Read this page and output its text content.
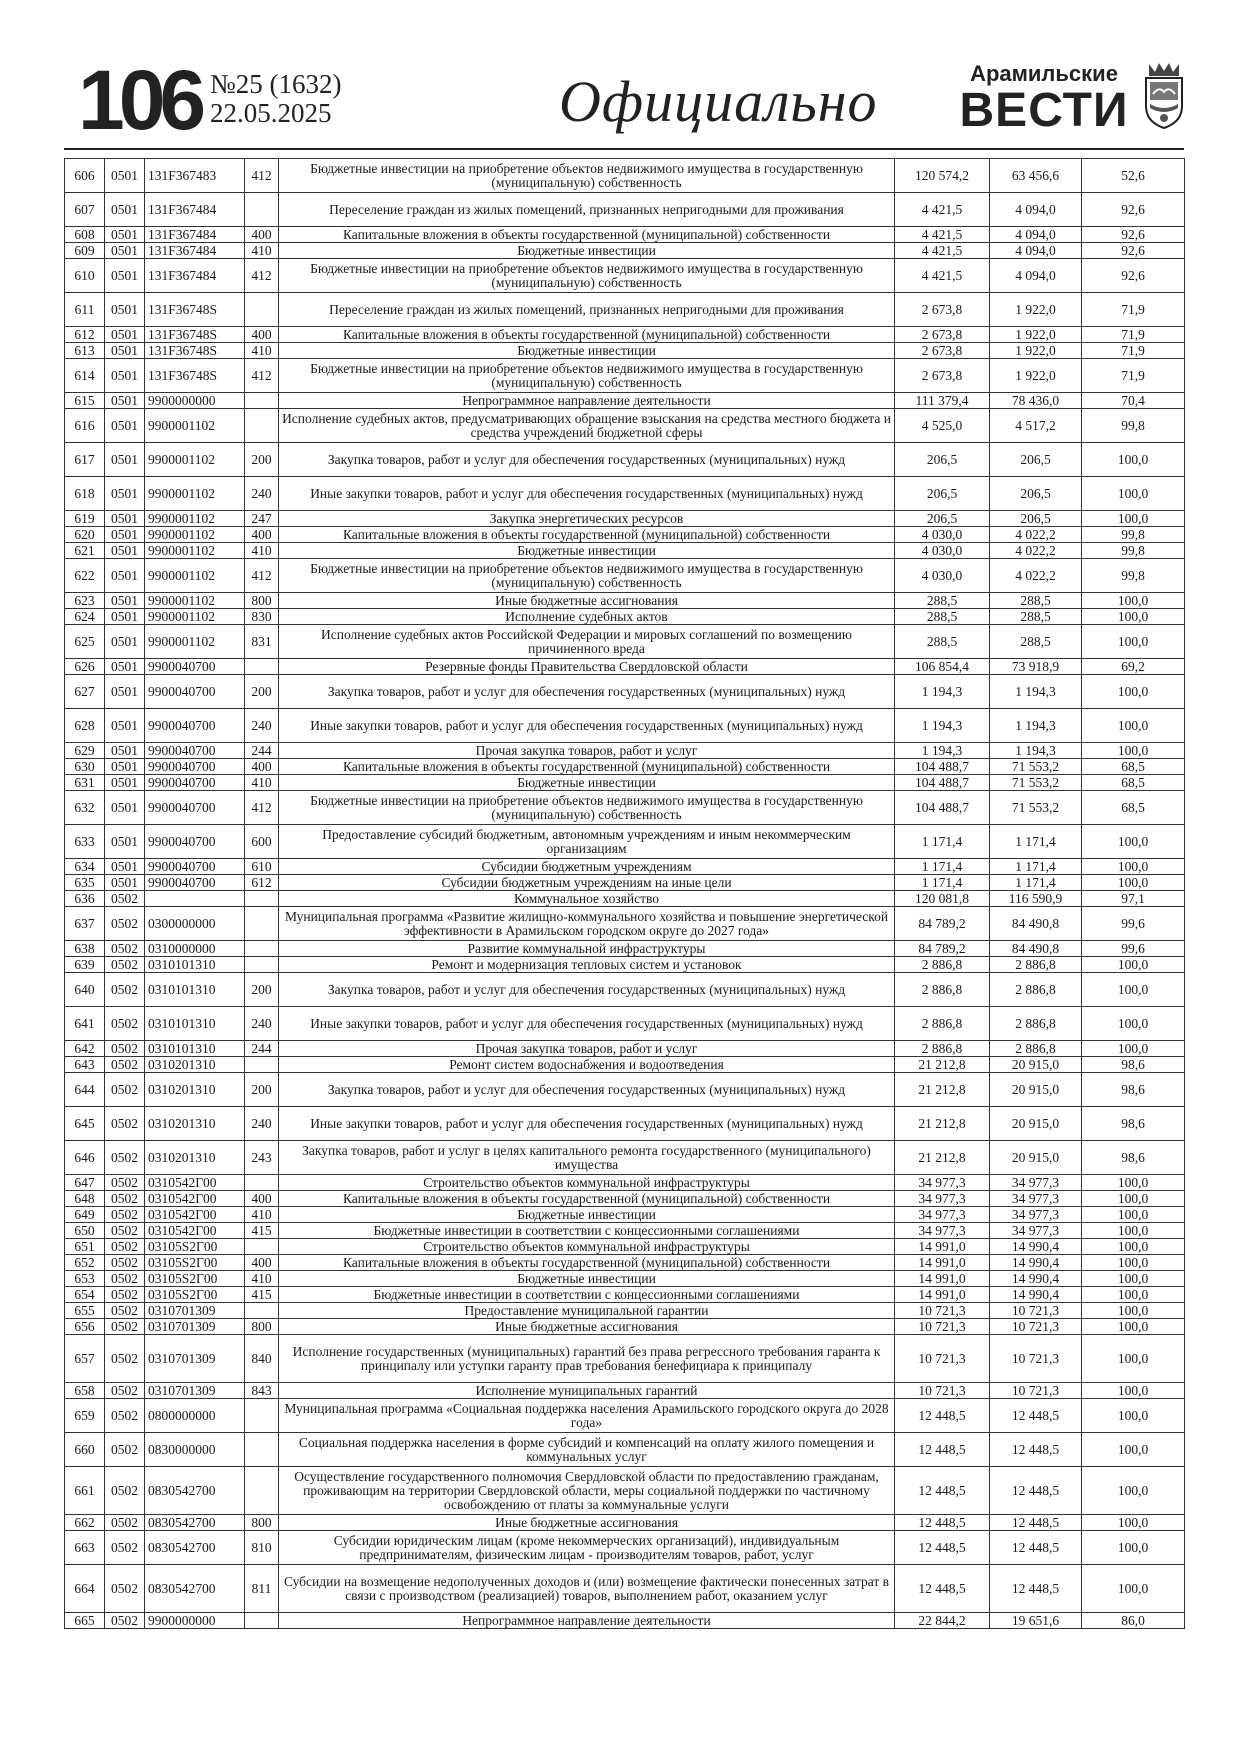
106 №25 (1632)
22.05.2025	Официально	Арамильские
ВЕСТИ
606	0501	131F367483	412	Бюджетные инвестиции на приобретение объектов недвижимого имущества в государственную (муниципальную) собственность	120 574,2	63 456,6	52,6
607	0501	131F367484		Переселение граждан из жилых помещений, признанных непригодными для проживания	4 421,5	4 094,0	92,6
608	0501	131F367484	400	Капитальные вложения в объекты государственной (муниципальной) собственности	4 421,5	4 094,0	92,6
609	0501	131F367484	410	Бюджетные инвестиции	4 421,5	4 094,0	92,6
610	0501	131F367484	412	Бюджетные инвестиции на приобретение объектов недвижимого имущества в государственную (муниципальную) собственность	4 421,5	4 094,0	92,6
611	0501	131F36748S		Переселение граждан из жилых помещений, признанных непригодными для проживания	2 673,8	1 922,0	71,9
612	0501	131F36748S	400	Капитальные вложения в объекты государственной (муниципальной) собственности	2 673,8	1 922,0	71,9
613	0501	131F36748S	410	Бюджетные инвестиции	2 673,8	1 922,0	71,9
614	0501	131F36748S	412	Бюджетные инвестиции на приобретение объектов недвижимого имущества в государственную (муниципальную) собственность	2 673,8	1 922,0	71,9
615	0501	9900000000		Непрограммное направление деятельности	111 379,4	78 436,0	70,4
616	0501	9900001102		Исполнение судебных актов, предусматривающих обращение взыскания на средства местного бюджета и средства учреждений бюджетной сферы	4 525,0	4 517,2	99,8
617	0501	9900001102	200	Закупка товаров, работ и услуг для обеспечения государственных (муниципальных) нужд	206,5	206,5	100,0
618	0501	9900001102	240	Иные закупки товаров, работ и услуг для обеспечения государственных (муниципальных) нужд	206,5	206,5	100,0
619	0501	9900001102	247	Закупка энергетических ресурсов	206,5	206,5	100,0
620	0501	9900001102	400	Капитальные вложения в объекты государственной (муниципальной) собственности	4 030,0	4 022,2	99,8
621	0501	9900001102	410	Бюджетные инвестиции	4 030,0	4 022,2	99,8
622	0501	9900001102	412	Бюджетные инвестиции на приобретение объектов недвижимого имущества в государственную (муниципальную) собственность	4 030,0	4 022,2	99,8
623	0501	9900001102	800	Иные бюджетные ассигнования	288,5	288,5	100,0
624	0501	9900001102	830	Исполнение судебных актов	288,5	288,5	100,0
625	0501	9900001102	831	Исполнение судебных актов Российской Федерации и мировых соглашений по возмещению причиненного вреда	288,5	288,5	100,0
626	0501	9900040700		Резервные фонды Правительства Свердловской области	106 854,4	73 918,9	69,2
627	0501	9900040700	200	Закупка товаров, работ и услуг для обеспечения государственных (муниципальных) нужд	1 194,3	1 194,3	100,0
628	0501	9900040700	240	Иные закупки товаров, работ и услуг для обеспечения государственных (муниципальных) нужд	1 194,3	1 194,3	100,0
629	0501	9900040700	244	Прочая закупка товаров, работ и услуг	1 194,3	1 194,3	100,0
630	0501	9900040700	400	Капитальные вложения в объекты государственной (муниципальной) собственности	104 488,7	71 553,2	68,5
631	0501	9900040700	410	Бюджетные инвестиции	104 488,7	71 553,2	68,5
632	0501	9900040700	412	Бюджетные инвестиции на приобретение объектов недвижимого имущества в государственную (муниципальную) собственность	104 488,7	71 553,2	68,5
633	0501	9900040700	600	Предоставление субсидий бюджетным, автономным учреждениям и иным некоммерческим организациям	1 171,4	1 171,4	100,0
634	0501	9900040700	610	Субсидии бюджетным учреждениям	1 171,4	1 171,4	100,0
635	0501	9900040700	612	Субсидии бюджетным учреждениям на иные цели	1 171,4	1 171,4	100,0
636	0502			Коммунальное хозяйство	120 081,8	116 590,9	97,1
637	0502	0300000000		Муниципальная программа «Развитие жилищно-коммунального хозяйства и повышение энергетической эффективности в Арамильском городском округе до 2027 года»	84 789,2	84 490,8	99,6
638	0502	0310000000		Развитие коммунальной инфраструктуры	84 789,2	84 490,8	99,6
639	0502	0310101310		Ремонт и модернизация тепловых систем и установок	2 886,8	2 886,8	100,0
640	0502	0310101310	200	Закупка товаров, работ и услуг для обеспечения государственных (муниципальных) нужд	2 886,8	2 886,8	100,0
641	0502	0310101310	240	Иные закупки товаров, работ и услуг для обеспечения государственных (муниципальных) нужд	2 886,8	2 886,8	100,0
642	0502	0310101310	244	Прочая закупка товаров, работ и услуг	2 886,8	2 886,8	100,0
643	0502	0310201310		Ремонт систем водоснабжения и водоотведения	21 212,8	20 915,0	98,6
644	0502	0310201310	200	Закупка товаров, работ и услуг для обеспечения государственных (муниципальных) нужд	21 212,8	20 915,0	98,6
645	0502	0310201310	240	Иные закупки товаров, работ и услуг для обеспечения государственных (муниципальных) нужд	21 212,8	20 915,0	98,6
646	0502	0310201310	243	Закупка товаров, работ и услуг в целях капитального ремонта государственного (муниципального) имущества	21 212,8	20 915,0	98,6
647	0502	0310542Г00		Строительство объектов коммунальной инфраструктуры	34 977,3	34 977,3	100,0
648	0502	0310542Г00	400	Капитальные вложения в объекты государственной (муниципальной) собственности	34 977,3	34 977,3	100,0
649	0502	0310542Г00	410	Бюджетные инвестиции	34 977,3	34 977,3	100,0
650	0502	0310542Г00	415	Бюджетные инвестиции в соответствии с концессионными соглашениями	34 977,3	34 977,3	100,0
651	0502	03105S2Г00		Строительство объектов коммунальной инфраструктуры	14 991,0	14 990,4	100,0
652	0502	03105S2Г00	400	Капитальные вложения в объекты государственной (муниципальной) собственности	14 991,0	14 990,4	100,0
653	0502	03105S2Г00	410	Бюджетные инвестиции	14 991,0	14 990,4	100,0
654	0502	03105S2Г00	415	Бюджетные инвестиции в соответствии с концессионными соглашениями	14 991,0	14 990,4	100,0
655	0502	0310701309		Предоставление муниципальной гарантии	10 721,3	10 721,3	100,0
656	0502	0310701309	800	Иные бюджетные ассигнования	10 721,3	10 721,3	100,0
657	0502	0310701309	840	Исполнение государственных (муниципальных) гарантий без права регрессного требования гаранта к принципалу или уступки гаранту прав требования бенефициара к принципалу	10 721,3	10 721,3	100,0
658	0502	0310701309	843	Исполнение муниципальных гарантий	10 721,3	10 721,3	100,0
659	0502	0800000000		Муниципальная программа «Социальная поддержка населения Арамильского городского округа до 2028 года»	12 448,5	12 448,5	100,0
660	0502	0830000000		Социальная поддержка населения в форме субсидий и компенсаций на оплату жилого помещения и коммунальных услуг	12 448,5	12 448,5	100,0
661	0502	0830542700		Осуществление государственного полномочия Свердловской области по предоставлению гражданам, проживающим на территории Свердловской области, меры социальной поддержки по частичному освобождению от платы за коммунальные услуги	12 448,5	12 448,5	100,0
662	0502	0830542700	800	Иные бюджетные ассигнования	12 448,5	12 448,5	100,0
663	0502	0830542700	810	Субсидии юридическим лицам (кроме некоммерческих организаций), индивидуальным предпринимателям, физическим лицам - производителям товаров, работ, услуг	12 448,5	12 448,5	100,0
664	0502	0830542700	811	Субсидии на возмещение недополученных доходов и (или) возмещение фактически понесенных затрат в связи с производством (реализацией) товаров, выполнением работ, оказанием услуг	12 448,5	12 448,5	100,0
665	0502	9900000000		Непрограммное направление деятельности	22 844,2	19 651,6	86,0
